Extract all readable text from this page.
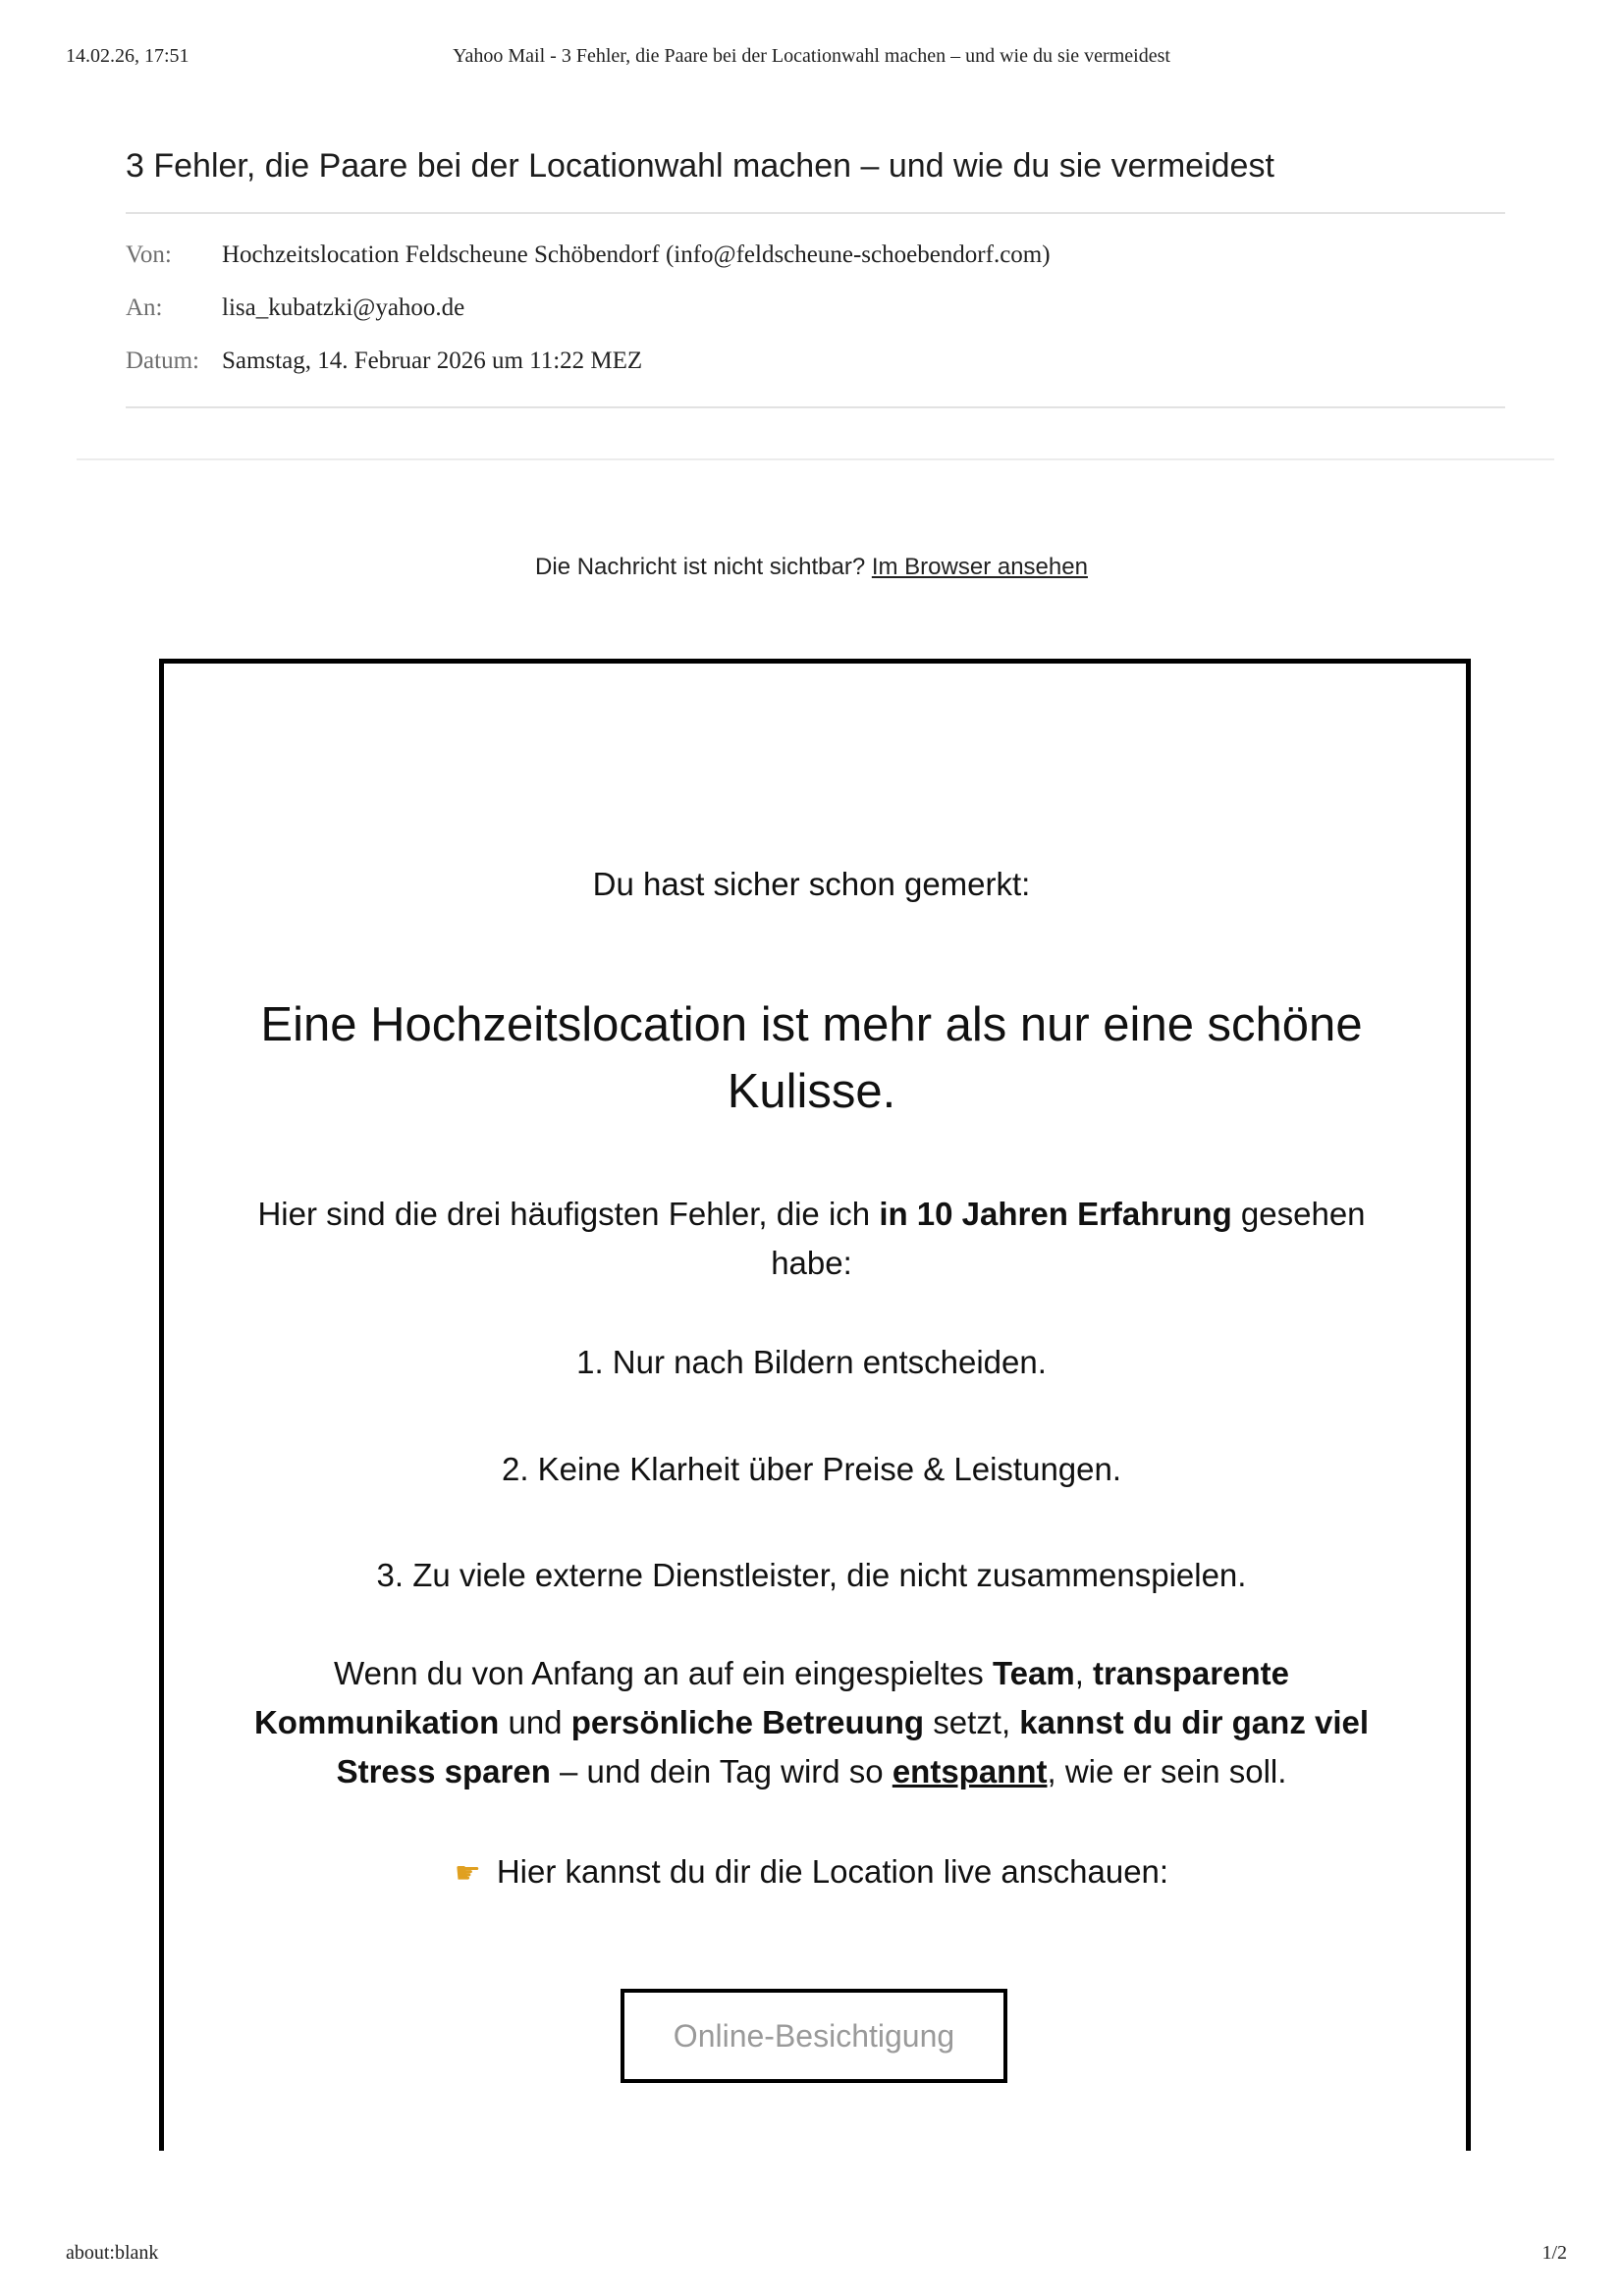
14.02.26, 17:51	Yahoo Mail - 3 Fehler, die Paare bei der Locationwahl machen – und wie du sie vermeidest
3 Fehler, die Paare bei der Locationwahl machen – und wie du sie vermeidest
Von: Hochzeitslocation Feldscheune Schöbendorf (info@feldscheune-schoebendorf.com)
An: lisa_kubatzki@yahoo.de
Datum: Samstag, 14. Februar 2026 um 11:22 MEZ
Die Nachricht ist nicht sichtbar? Im Browser ansehen
Du hast sicher schon gemerkt:
Eine Hochzeitslocation ist mehr als nur eine schöne
Kulisse.
Hier sind die drei häufigsten Fehler, die ich in 10 Jahren Erfahrung gesehen
habe:
1. Nur nach Bildern entscheiden.
2. Keine Klarheit über Preise & Leistungen.
3. Zu viele externe Dienstleister, die nicht zusammenspielen.
Wenn du von Anfang an auf ein eingespieltes Team, transparente
Kommunikation und persönliche Betreuung setzt, kannst du dir ganz viel
Stress sparen – und dein Tag wird so entspannt, wie er sein soll.
☛ Hier kannst du dir die Location live anschauen:
Online-Besichtigung
about:blank	1/2
